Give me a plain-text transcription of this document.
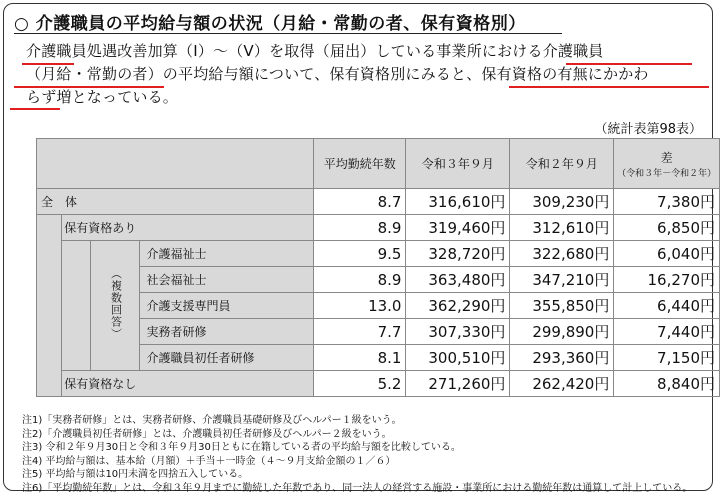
○ 介護職員の平均給与額の状況（月給・常勤の者、保有資格別）
介護職員処遇改善加算（Ⅰ）～（Ⅴ）を取得（届出）している事業所における介護職員
（月給・常勤の者）の平均給与額について、保有資格別にみると、保有資格の有無にかかわ
らず増となっている。
（統計表第98表）
				平均勤続年数	令和３年９月	令和２年９月	差
（令和３年－令和２年）

全　体				8.7	316,610円	309,230円	7,380円
	保有資格あり			8.9	319,460円	312,610円	6,850円
		（複数回答）	介護福祉士	9.5	328,720円	322,680円	6,040円
			社会福祉士	8.9	363,480円	347,210円	16,270円
			介護支援専門員	13.0	362,290円	355,850円	6,440円
			実務者研修	7.7	307,330円	299,890円	7,440円
			介護職員初任者研修	8.1	300,510円	293,360円	7,150円
	保有資格なし			5.2	271,260円	262,420円	8,840円
注1)「実務者研修」とは、実務者研修、介護職員基礎研修及びヘルパー１級をいう。
注2)「介護職員初任者研修」とは、介護職員初任者研修及びヘルパー２級をいう。
注3) 令和２年９月30日と令和３年９月30日ともに在籍している者の平均給与額を比較している。
注4) 平均給与額は、基本給（月額）＋手当＋一時金（４～９月支給金額の１／６）
注5) 平均給与額は10円未満を四捨五入している。
注6)「平均勤続年数」とは、令和３年９月までに勤続した年数であり、同一法人の経営する施設・事業所における勤続年数は通算して計上している。
